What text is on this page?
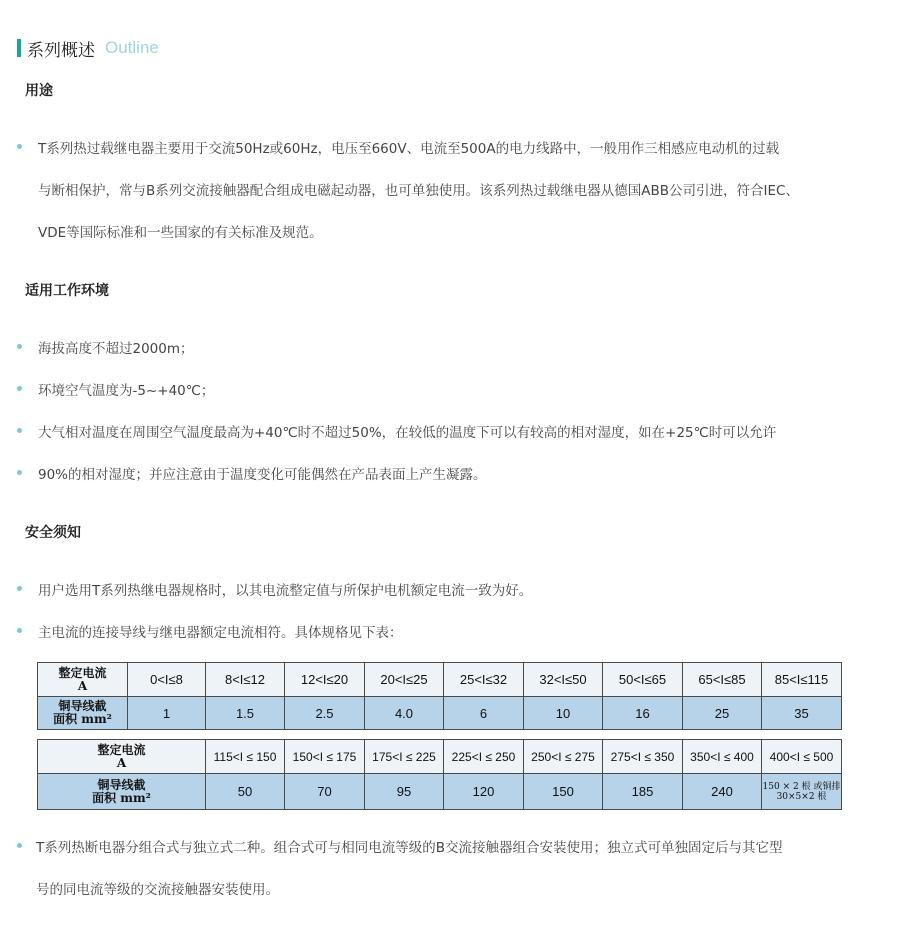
系列概述 Outline
用途
T系列热过载继电器主要用于交流50Hz或60Hz，电压至660V、电流至500A的电力线路中，一般用作三相感应电动机的过载
与断相保护，常与B系列交流接触器配合组成电磁起动器，也可单独使用。该系列热过载继电器从德国ABB公司引进，符合IEC、
VDE等国际标准和一些国家的有关标准及规范。
适用工作环境
海拔高度不超过2000m；
环境空气温度为-5~+40℃；
大气相对温度在周围空气温度最高为+40℃时不超过50%，在较低的温度下可以有较高的相对湿度，如在+25℃时可以允许
90%的相对湿度；并应注意由于温度变化可能偶然在产品表面上产生凝露。
安全须知
用户选用T系列热继电器规格时，以其电流整定值与所保护电机额定电流一致为好。
主电流的连接导线与继电器额定电流相符。具体规格见下表：
整定电流
A	0<I≤8	8<I≤12	12<I≤20	20<I≤25	25<I≤32	32<I≤50	50<I≤65	65<I≤85	85<I≤115

铜导线截
面积 mm²	1	1.5	2.5	4.0	6	10	16	25	35
整定电流
A	115<I ≤ 150	150<I ≤ 175	175<I ≤ 225	225<I ≤ 250	250<I ≤ 275	275<I ≤ 350	350<I ≤ 400	400<I ≤ 500

铜导线截
面积 mm²	50	70	95	120	150	185	240	150 × 2 根 或铜排 30×5×2 根
T系列热断电器分组合式与独立式二种。组合式可与相同电流等级的B交流接触器组合安装使用；独立式可单独固定后与其它型
号的同电流等级的交流接触器安装使用。
